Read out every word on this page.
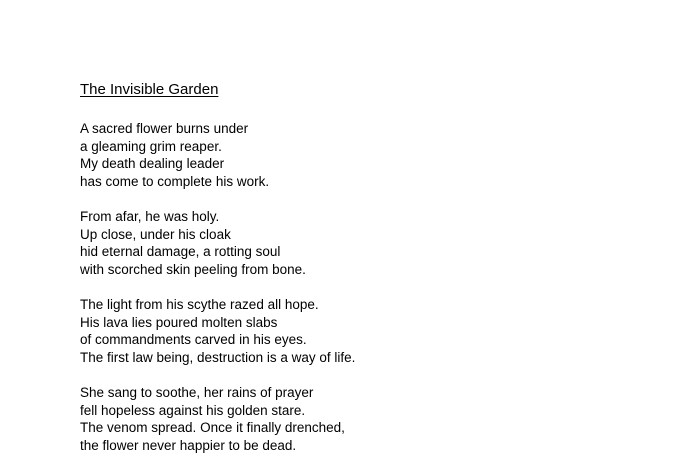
The Invisible Garden
A sacred flower burns under
a gleaming grim reaper.
My death dealing leader
has come to complete his work.
From afar, he was holy.
Up close, under his cloak
hid eternal damage, a rotting soul
with scorched skin peeling from bone.
The light from his scythe razed all hope.
His lava lies poured molten slabs
of commandments carved in his eyes.
The first law being, destruction is a way of life.
She sang to soothe, her rains of prayer
fell hopeless against his golden stare.
The venom spread. Once it finally drenched,
the flower never happier to be dead.
